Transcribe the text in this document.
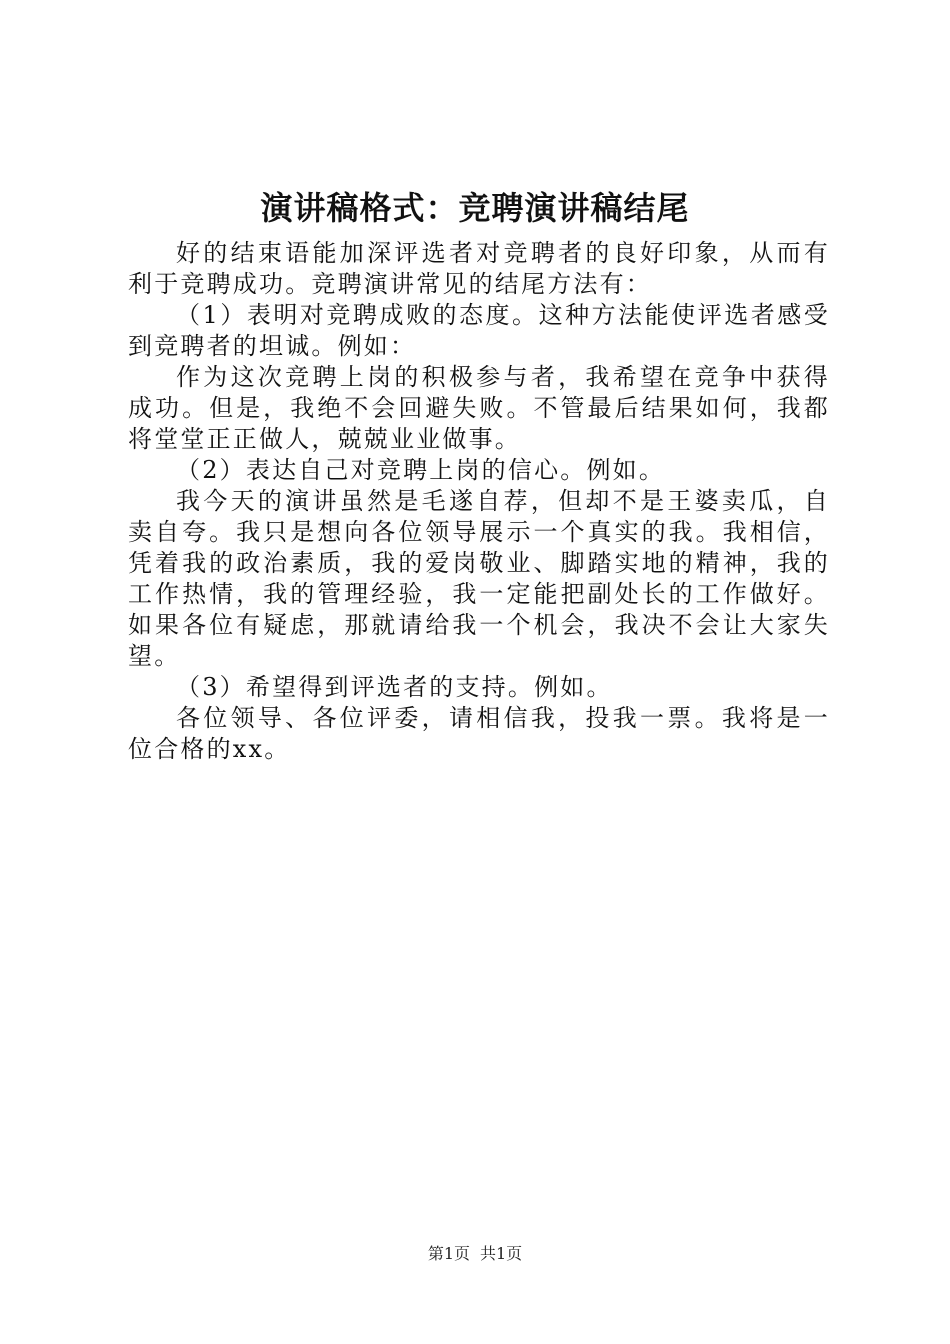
演讲稿格式：竞聘演讲稿结尾

好的结束语能加深评选者对竞聘者的良好印象，从而有利于竞聘成功。竞聘演讲常见的结尾方法有：

（1）表明对竞聘成败的态度。这种方法能使评选者感受到竞聘者的坦诚。例如：

作为这次竞聘上岗的积极参与者，我希望在竞争中获得成功。但是，我绝不会回避失败。不管最后结果如何，我都将堂堂正正做人，兢兢业业做事。

（2）表达自己对竞聘上岗的信心。例如。

我今天的演讲虽然是毛遂自荐，但却不是王婆卖瓜，自卖自夸。我只是想向各位领导展示一个真实的我。我相信，凭着我的政治素质，我的爱岗敬业、脚踏实地的精神，我的工作热情，我的管理经验，我一定能把副处长的工作做好。如果各位有疑虑，那就请给我一个机会，我决不会让大家失望。

（3）希望得到评选者的支持。例如。

各位领导、各位评委，请相信我，投我一票。我将是一位合格的xx。

第1页 共1页
